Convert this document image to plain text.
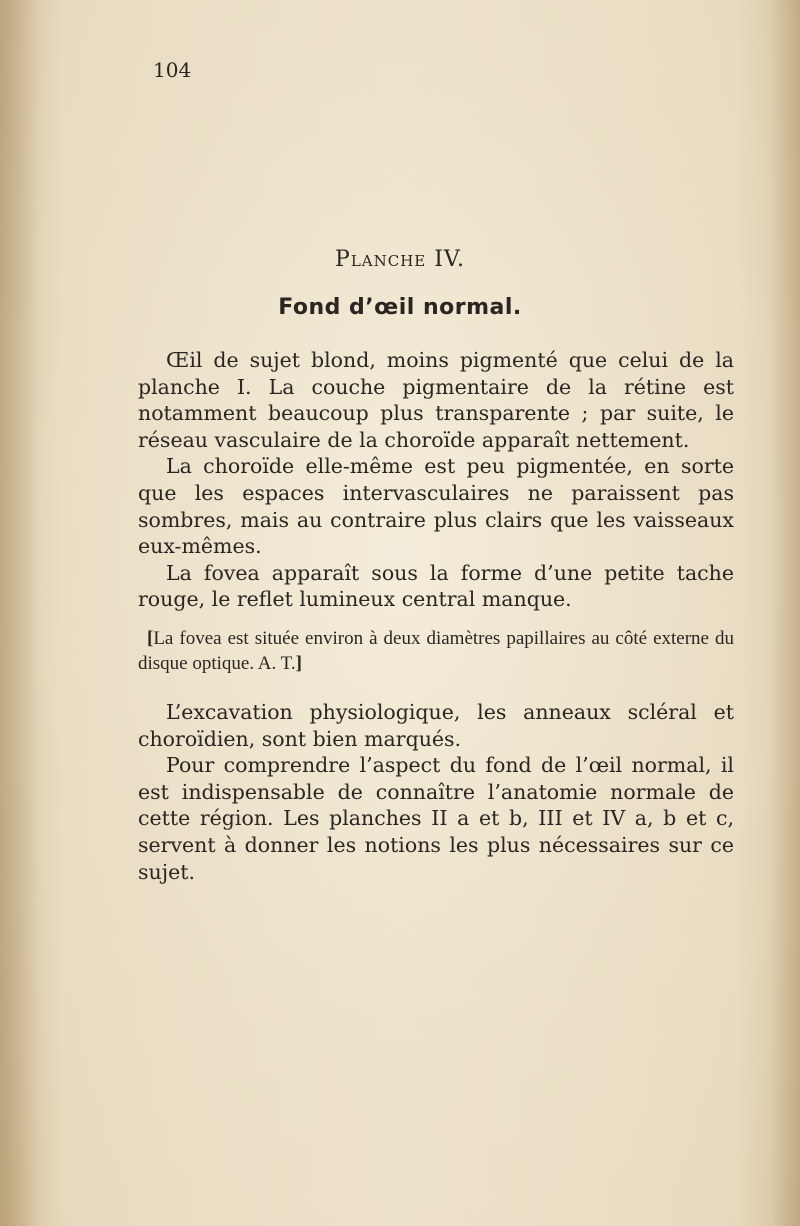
104
Planche IV.
Fond d’œil normal.

Œil de sujet blond, moins pigmenté que celui de la planche I. La couche pigmentaire de la rétine est notamment beaucoup plus transparente ; par suite, le réseau vasculaire de la choroïde apparaît nettement.

La choroïde elle-même est peu pigmentée, en sorte que les espaces intervasculaires ne paraissent pas sombres, mais au contraire plus clairs que les vaisseaux eux-mêmes.

La fovea apparaît sous la forme d’une petite tache rouge, le reflet lumineux central manque.

[La fovea est située environ à deux diamètres papillaires au côté externe du disque optique. A. T.]

L’excavation physiologique, les anneaux scléral et choroïdien, sont bien marqués.

Pour comprendre l’aspect du fond de l’œil normal, il est indispensable de connaître l’anatomie normale de cette région. Les planches II a et b, III et IV a, b et c, servent à donner les notions les plus nécessaires sur ce sujet.
